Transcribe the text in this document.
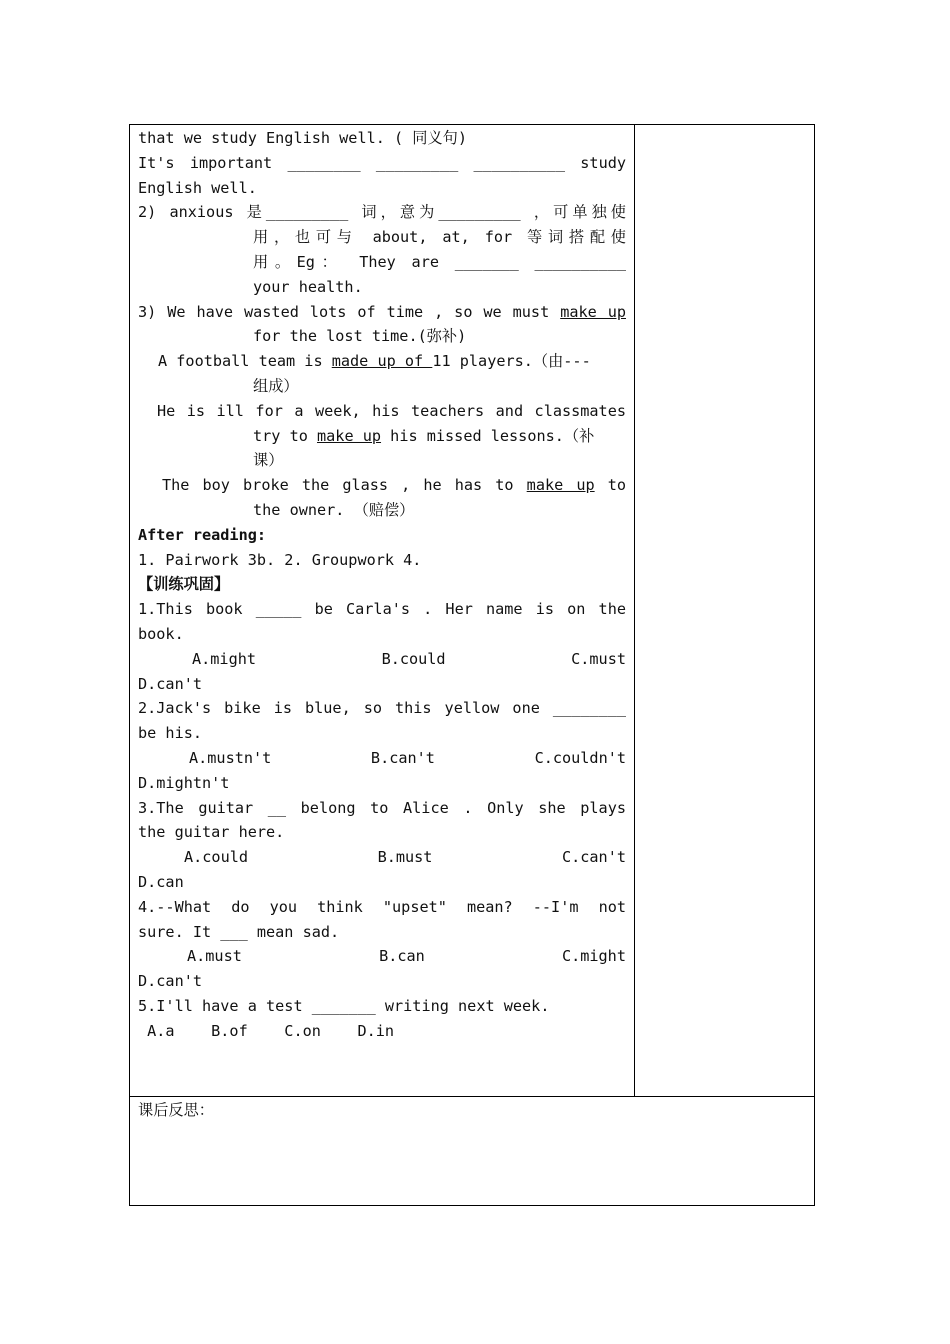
that we study English well. ( 同义句)
It's important ________ _________ __________ study
English well.
2) anxious 是_________ 词，意为_________ ，可单独使
用，也可与 about, at, for 等词搭配使
用。Eg： They are _______ __________
your health.
3) We have wasted lots of time , so we must make up
for the lost time.(弥补)
A football team is made up of 11 players.（由---
组成）
He is ill for a week, his teachers and classmates
try to make up his missed lessons.（补
课）
The boy broke the glass , he has to make up to
the owner. （赔偿）
After reading:
1. Pairwork 3b. 2. Groupwork 4.
【训练巩固】
1.This book _____ be Carla's . Her name is on the
book.
A.might	B.could	C.must
D.can't
2.Jack's bike is blue, so this yellow one ________
be his.
A.mustn't	B.can't	C.couldn't
D.mightn't
3.The guitar __ belong to Alice . Only she plays
the guitar here.
A.could	B.must	C.can't
D.can
4.--What do you think "upset" mean? --I'm not
sure. It ___ mean sad.
A.must	B.can	C.might
D.can't
5.I'll have a test _______ writing next week.
A.a    B.of    C.on    D.in
课后反思：
